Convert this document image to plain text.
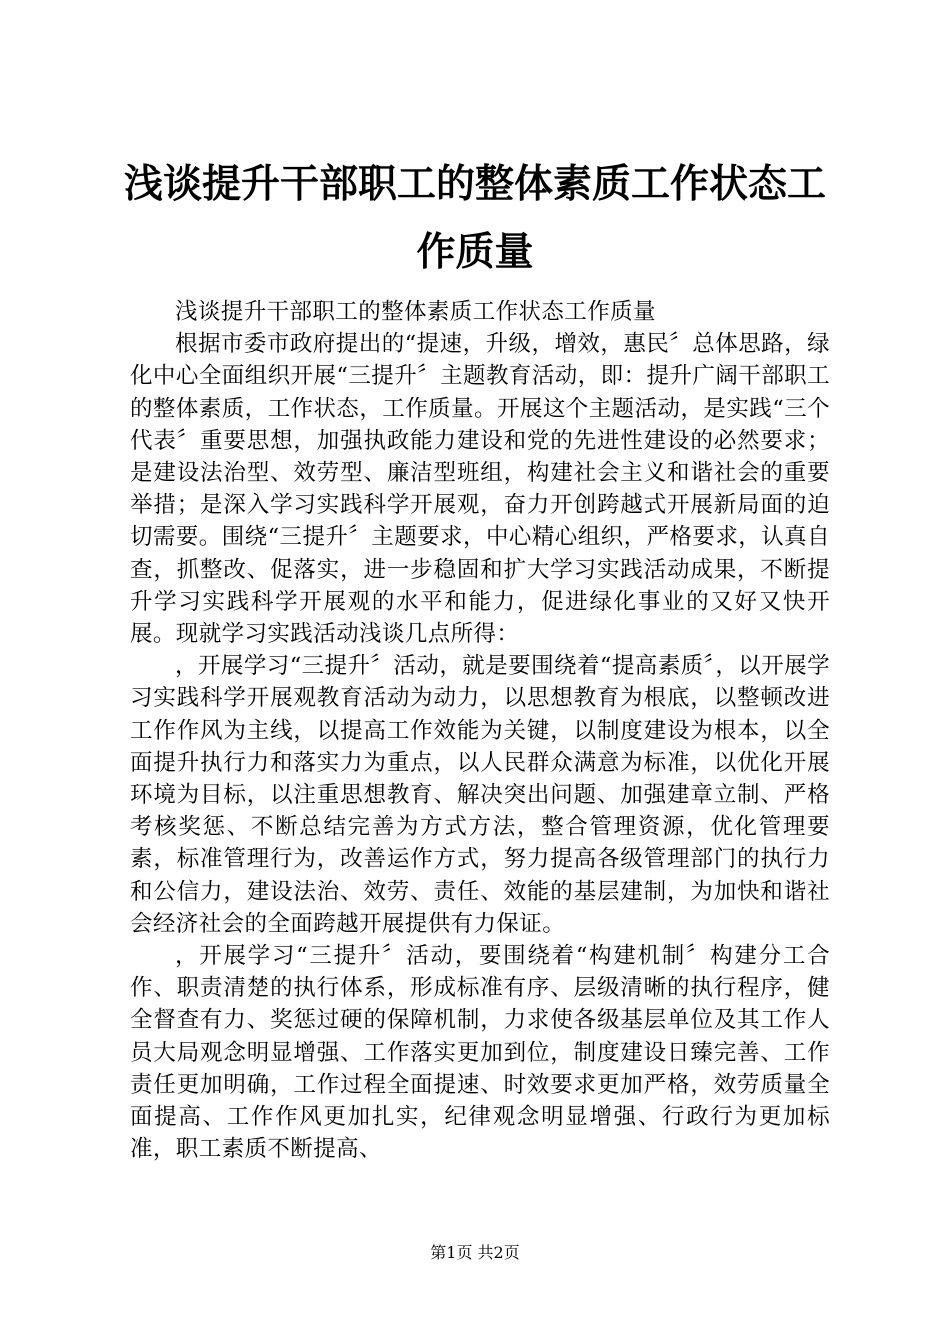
浅谈提升干部职工的整体素质工作状态工作质量

浅谈提升干部职工的整体素质工作状态工作质量

根据市委市政府提出的“提速，升级，增效，惠民〞总体思路，绿化中心全面组织开展“三提升〞主题教育活动，即：提升广阔干部职工的整体素质，工作状态，工作质量。开展这个主题活动，是实践“三个代表〞重要思想，加强执政能力建设和党的先进性建设的必然要求；是建设法治型、效劳型、廉洁型班组，构建社会主义和谐社会的重要举措；是深入学习实践科学开展观，奋力开创跨越式开展新局面的迫切需要。围绕“三提升〞主题要求，中心精心组织，严格要求，认真自查，抓整改、促落实，进一步稳固和扩大学习实践活动成果，不断提升学习实践科学开展观的水平和能力，促进绿化事业的又好又快开展。现就学习实践活动浅谈几点所得：

，开展学习“三提升〞活动，就是要围绕着“提高素质〞，以开展学习实践科学开展观教育活动为动力，以思想教育为根底，以整顿改进工作作风为主线，以提高工作效能为关键，以制度建设为根本，以全面提升执行力和落实力为重点，以人民群众满意为标准，以优化开展环境为目标，以注重思想教育、解决突出问题、加强建章立制、严格考核奖惩、不断总结完善为方式方法，整合管理资源，优化管理要素，标准管理行为，改善运作方式，努力提高各级管理部门的执行力和公信力，建设法治、效劳、责任、效能的基层建制，为加快和谐社会经济社会的全面跨越开展提供有力保证。

，开展学习“三提升〞活动，要围绕着“构建机制〞构建分工合作、职责清楚的执行体系，形成标准有序、层级清晰的执行程序，健全督查有力、奖惩过硬的保障机制，力求使各级基层单位及其工作人员大局观念明显增强、工作落实更加到位，制度建设日臻完善、工作责任更加明确，工作过程全面提速、时效要求更加严格，效劳质量全面提高、工作作风更加扎实，纪律观念明显增强、行政行为更加标准，职工素质不断提高、

第1页 共2页
